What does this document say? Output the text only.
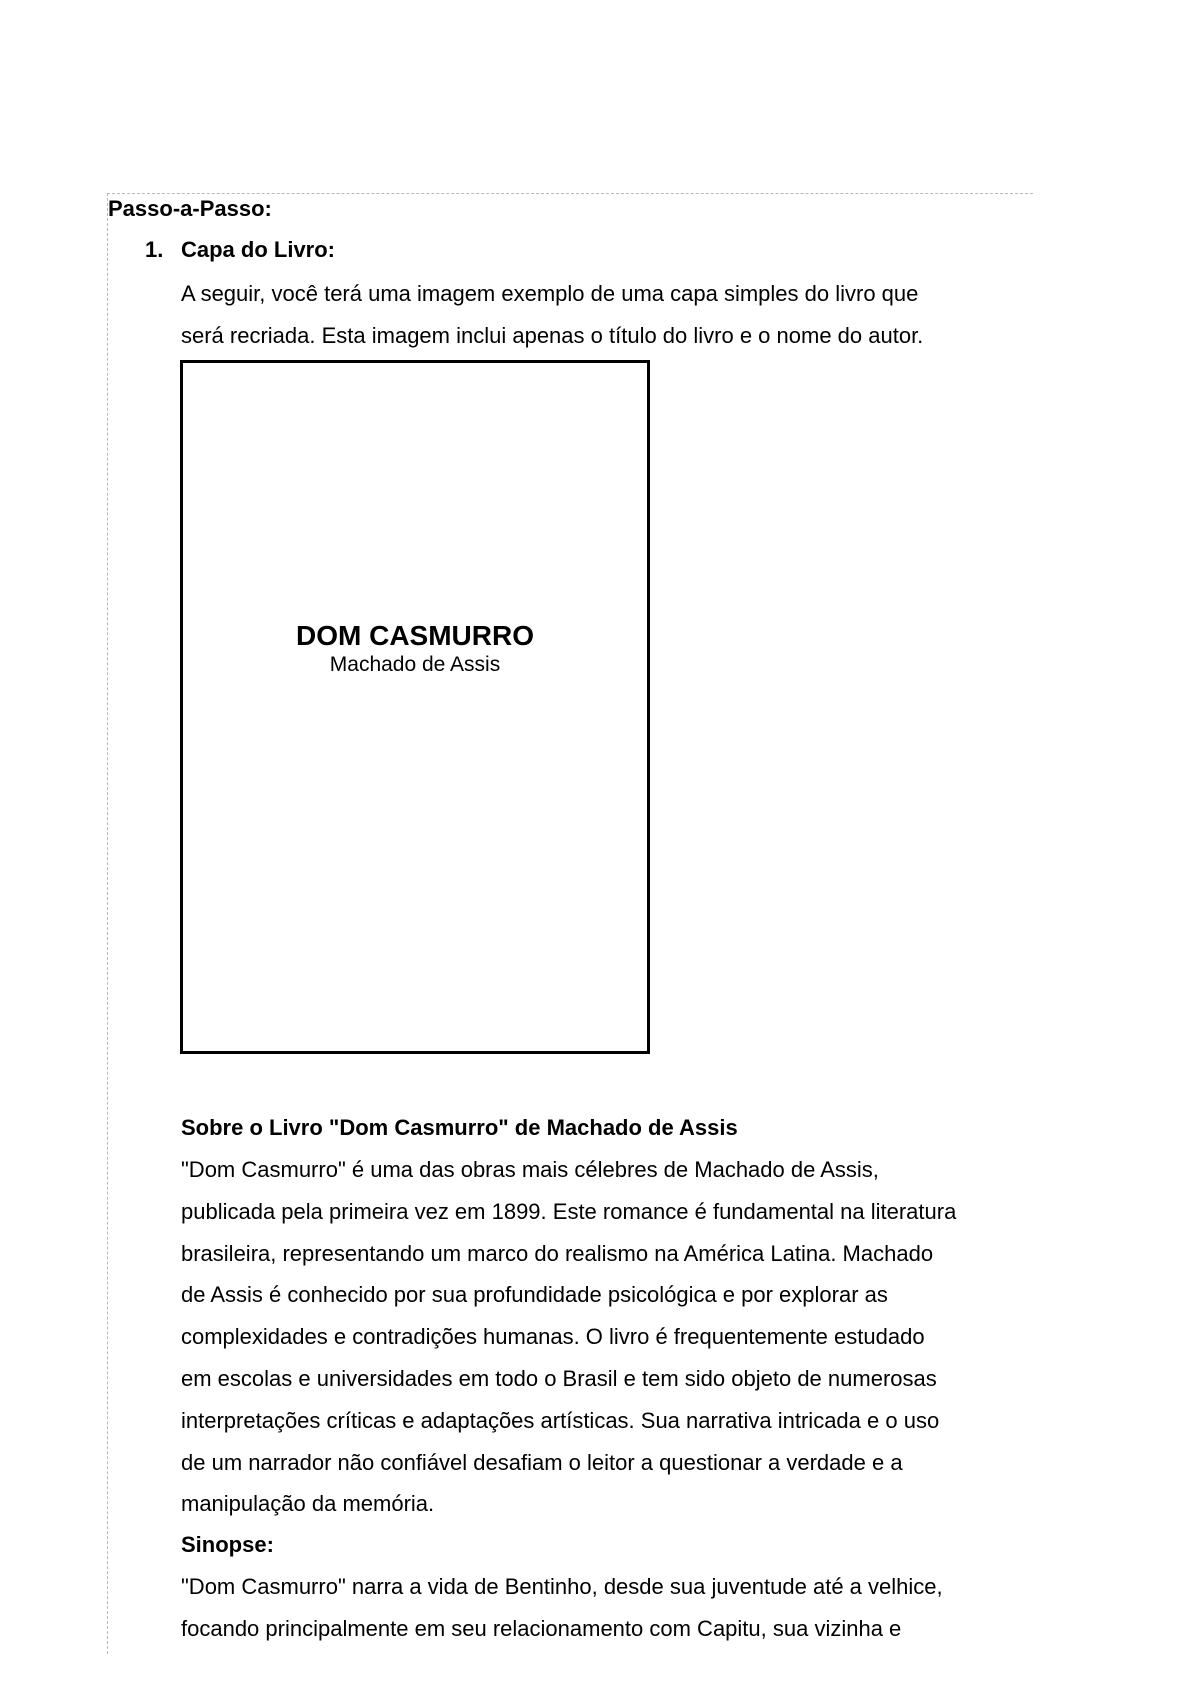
Passo-a-Passo:
1. Capa do Livro:
A seguir, você terá uma imagem exemplo de uma capa simples do livro que
será recriada. Esta imagem inclui apenas o título do livro e o nome do autor.
DOM CASMURRO
Machado de Assis
Sobre o Livro "Dom Casmurro" de Machado de Assis
"Dom Casmurro" é uma das obras mais célebres de Machado de Assis,
publicada pela primeira vez em 1899. Este romance é fundamental na literatura
brasileira, representando um marco do realismo na América Latina. Machado
de Assis é conhecido por sua profundidade psicológica e por explorar as
complexidades e contradições humanas. O livro é frequentemente estudado
em escolas e universidades em todo o Brasil e tem sido objeto de numerosas
interpretações críticas e adaptações artísticas. Sua narrativa intricada e o uso
de um narrador não confiável desafiam o leitor a questionar a verdade e a
manipulação da memória.
Sinopse:
"Dom Casmurro" narra a vida de Bentinho, desde sua juventude até a velhice,
focando principalmente em seu relacionamento com Capitu, sua vizinha e
